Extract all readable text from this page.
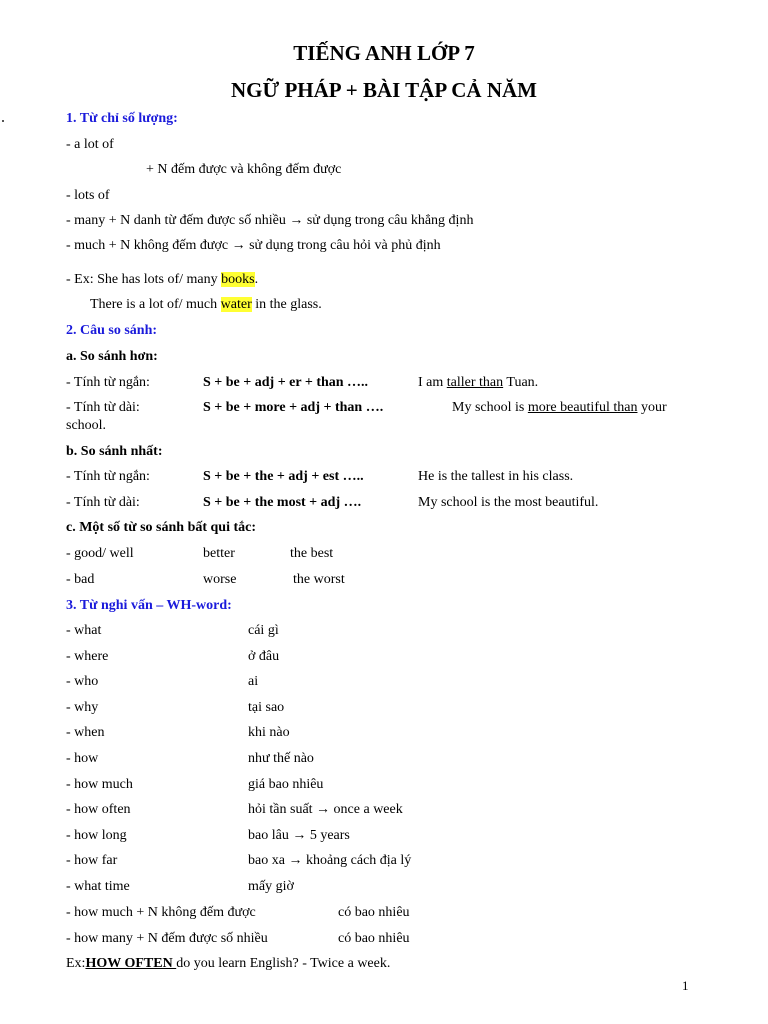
TIẾNG ANH LỚP 7
NGỮ PHÁP + BÀI TẬP CẢ NĂM
1. Từ chỉ số lượng:
- a lot of
+ N đếm được và không đếm được
- lots of
- many + N danh từ đếm được số nhiều → sử dụng trong câu khẳng định
- much + N không đếm được → sử dụng trong câu hỏi và phủ định
- Ex: She has lots of/ many books.
There is a lot of/ much water in the glass.
2. Câu so sánh:
a. So sánh hơn:
- Tính từ ngắn:	S + be + adj + er + than …..	I am taller than Tuan.
- Tính từ dài:	S + be + more + adj + than ….	My school is more beautiful than your
school.
b. So sánh nhất:
- Tính từ ngắn:	S + be + the + adj + est …..	He is the tallest in his class.
- Tính từ dài:	S + be + the most + adj ….	My school is the most beautiful.
c. Một số từ so sánh bất qui tắc:
- good/ well	better	the best
- bad	worse	the worst
3. Từ nghi vấn – WH-word:
- what	cái gì
- where	ở đâu
- who	ai
- why	tại sao
- when	khi nào
- how	như thế nào
- how much	giá bao nhiêu
- how often	hỏi tần suất → once a week
- how long	bao lâu → 5 years
- how far	bao xa → khoảng cách địa lý
- what time	mấy giờ
- how much + N không đếm được	có bao nhiêu
- how many + N đếm được số nhiều	có bao nhiêu
Ex:HOW OFTEN do you learn English? - Twice a week.
1
